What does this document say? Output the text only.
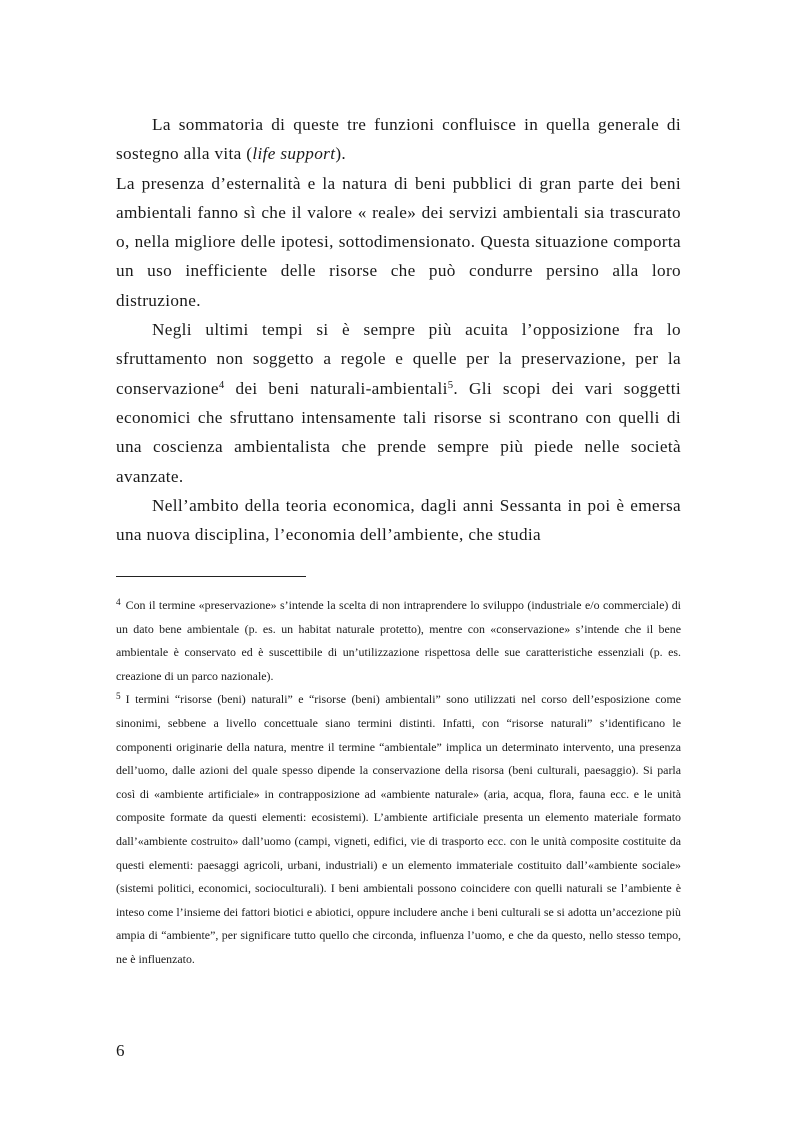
La sommatoria di queste tre funzioni confluisce in quella generale di sostegno alla vita (life support).

La presenza d’esternalità e la natura di beni pubblici di gran parte dei beni ambientali fanno sì che il valore « reale» dei servizi ambientali sia trascurato o, nella migliore delle ipotesi, sottodimensionato. Questa situazione comporta un uso inefficiente delle risorse che può condurre persino alla loro distruzione.

Negli ultimi tempi si è sempre più acuita l’opposizione fra lo sfruttamento non soggetto a regole e quelle per la preservazione, per la conservazione$^4$ dei beni naturali-ambientali$^5$. Gli scopi dei vari soggetti economici che sfruttano intensamente tali risorse si scontrano con quelli di una coscienza ambientalista che prende sempre più piede nelle società avanzate.

Nell’ambito della teoria economica, dagli anni Sessanta in poi è emersa una nuova disciplina, l’economia dell’ambiente, che studia

$^4$ Con il termine «preservazione» s’intende la scelta di non intraprendere lo sviluppo (industriale e/o commerciale) di un dato bene ambientale (p. es. un habitat naturale protetto), mentre con «conservazione» s’intende che il bene ambientale è conservato ed è suscettibile di un’utilizzazione rispettosa delle sue caratteristiche essenziali (p. es. creazione di un parco nazionale).

$^5$ I termini “risorse (beni) naturali” e “risorse (beni) ambientali” sono utilizzati nel corso dell’esposizione come sinonimi, sebbene a livello concettuale siano termini distinti. Infatti, con “risorse naturali” s’identificano le componenti originarie della natura, mentre il termine “ambientale” implica un determinato intervento, una presenza dell’uomo, dalle azioni del quale spesso dipende la conservazione della risorsa (beni culturali, paesaggio). Si parla così di «ambiente artificiale» in contrapposizione ad «ambiente naturale» (aria, acqua, flora, fauna ecc. e le unità composite formate da questi elementi: ecosistemi). L’ambiente artificiale presenta un elemento materiale formato dall’«ambiente costruito» dall’uomo (campi, vigneti, edifici, vie di trasporto ecc. con le unità composite costituite da questi elementi: paesaggi agricoli, urbani, industriali) e un elemento immateriale costituito dall’«ambiente sociale» (sistemi politici, economici, socioculturali). I beni ambientali possono coincidere con quelli naturali se l’ambiente è inteso come l’insieme dei fattori biotici e abiotici, oppure includere anche i beni culturali se si adotta un’accezione più ampia di “ambiente”, per significare tutto quello che circonda, influenza l’uomo, e che da questo, nello stesso tempo, ne è influenzato.

6
